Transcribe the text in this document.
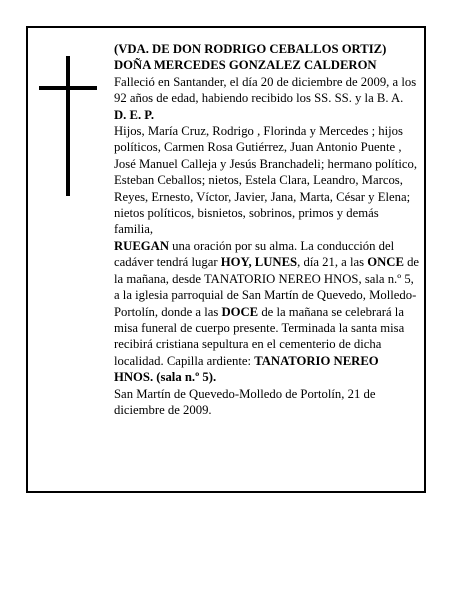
(VDA. DE DON RODRIGO CEBALLOS ORTIZ)

DOÑA MERCEDES GONZALEZ CALDERON

Falleció en Santander, el día 20 de diciembre de 2009, a los 92 años de edad, habiendo recibido los SS. SS. y la B. A.

D. E. P.

Hijos, María Cruz, Rodrigo , Florinda y Mercedes ; hijos políticos, Carmen Rosa Gutiérrez, Juan Antonio Puente , José Manuel Calleja y Jesús Branchadeli; hermano político, Esteban Ceballos; nietos, Estela Clara, Leandro, Marcos, Reyes, Ernesto, Víctor, Javier, Jana, Marta, César y Elena; nietos políticos, bisnietos, sobrinos, primos y demás familia,

RUEGAN una oración por su alma. La conducción del cadáver tendrá lugar HOY, LUNES, día 21, a las ONCE de la mañana, desde TANATORIO NEREO HNOS, sala n.º 5, a la iglesia parroquial de San Martín de Quevedo, Molledo-Portolín, donde a las DOCE de la mañana se celebrará la misa funeral de cuerpo presente. Terminada la santa misa recibirá cristiana sepultura en el cementerio de dicha localidad. Capilla ardiente: TANATORIO NEREO HNOS. (sala n.º 5).

San Martín de Quevedo-Molledo de Portolín, 21 de diciembre de 2009.
